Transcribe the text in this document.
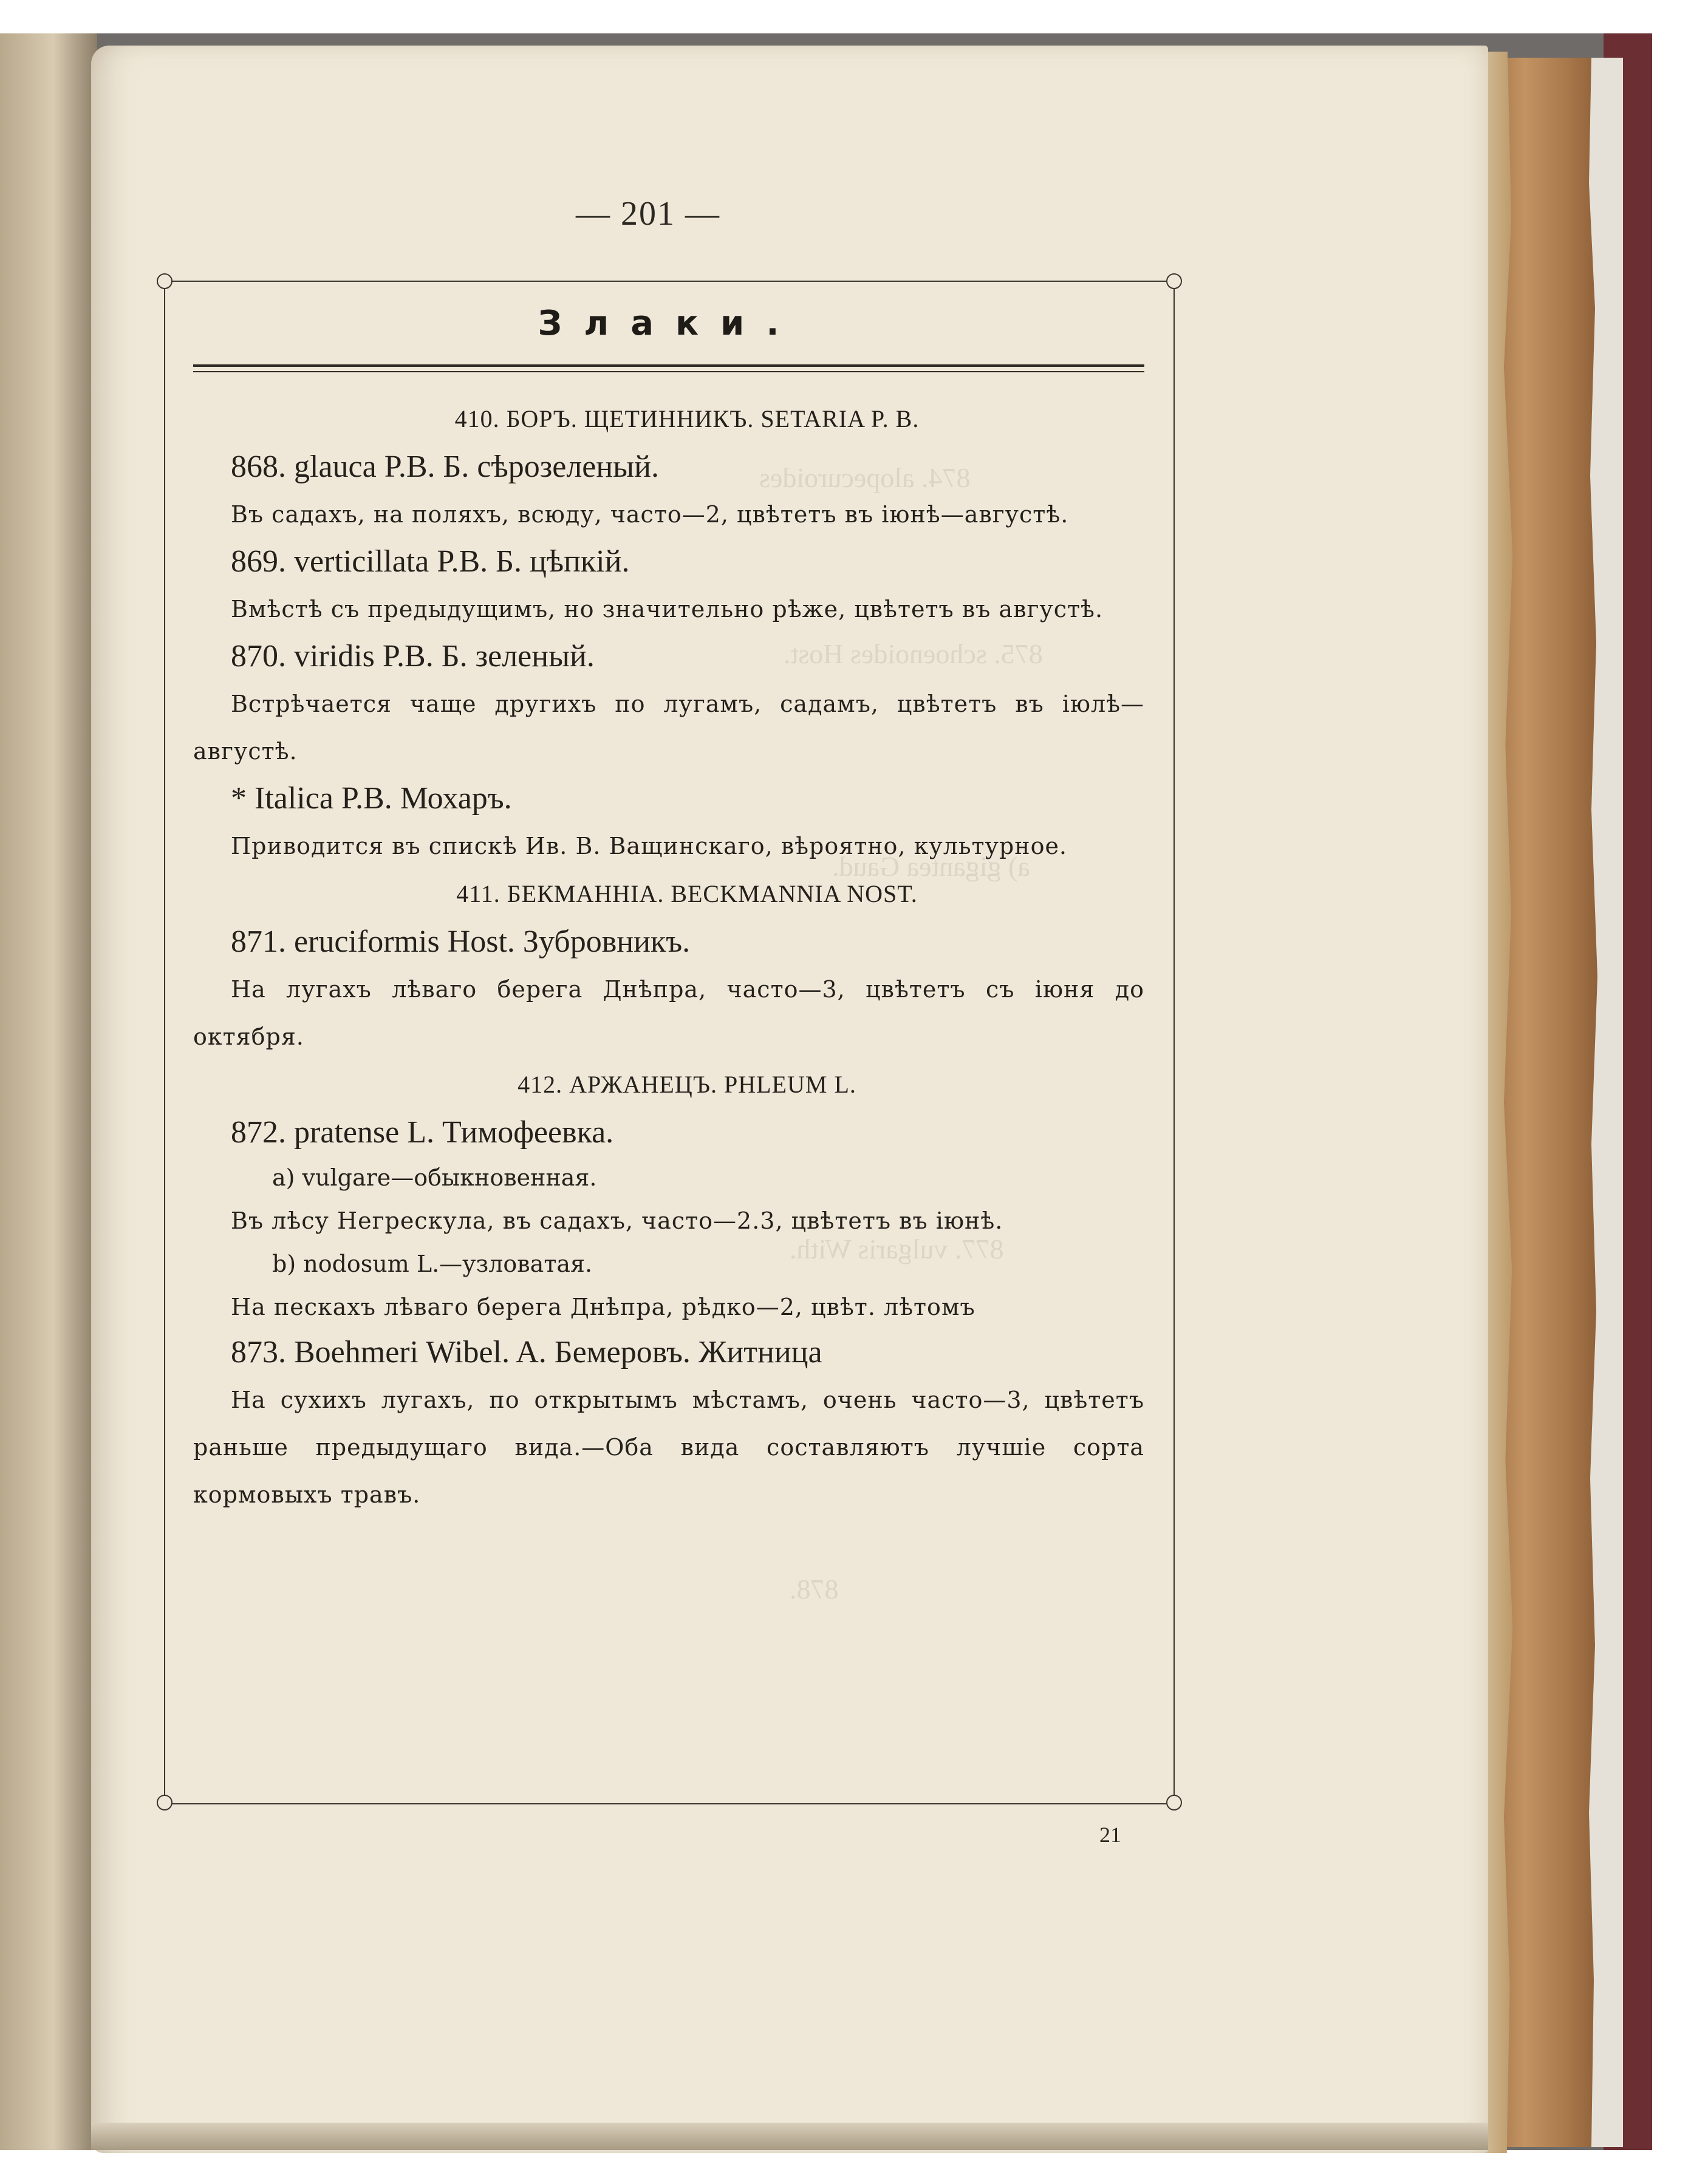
874. alopecuroides
875. schoenoides Host.
a) gigantea Gaud.
877. vulgaris With.
878.
— 201 —
Злаки.
410. БОРЪ. ЩЕТИННИКЪ. SETARIA P. B.
868. glauca P.B. Б. сѣрозеленый.

Въ садахъ, на поляхъ, всюду, часто—2, цвѣтетъ въ іюнѣ—августѣ.

869. verticillata P.B. Б. цѣпкій.

Вмѣстѣ съ предыдущимъ, но значительно рѣже, цвѣтетъ въ августѣ.

870. viridis P.B. Б. зеленый.

Встрѣчается чаще другихъ по лугамъ, садамъ, цвѣтетъ въ іюлѣ—августѣ.

* Italica P.B. Мохаръ.

Приводится въ спискѣ Ив. В. Ващинскаго, вѣроятно, культурное.

411. БЕКМАННІА. BECKMANNIA NOST.
871. eruciformis Host. Зубровникъ.

На лугахъ лѣваго берега Днѣпра, часто—3, цвѣтетъ съ іюня до октября.

412. АРЖАНЕЦЪ. PHLEUM L.
872. pratense L. Тимофеевка.
a) vulgare—обыкновенная.
Въ лѣсу Негрескула, въ садахъ, часто—2.3, цвѣтетъ въ іюнѣ.
b) nodosum L.—узловатая.
На пескахъ лѣваго берега Днѣпра, рѣдко—2, цвѣт. лѣтомъ
873. Boehmeri Wibel. A. Бемеровъ. Житница

На сухихъ лугахъ, по открытымъ мѣстамъ, очень часто—3, цвѣтетъ раньше предыдущаго вида.—Оба вида составляютъ лучшіе сорта кормовыхъ травъ.

21
